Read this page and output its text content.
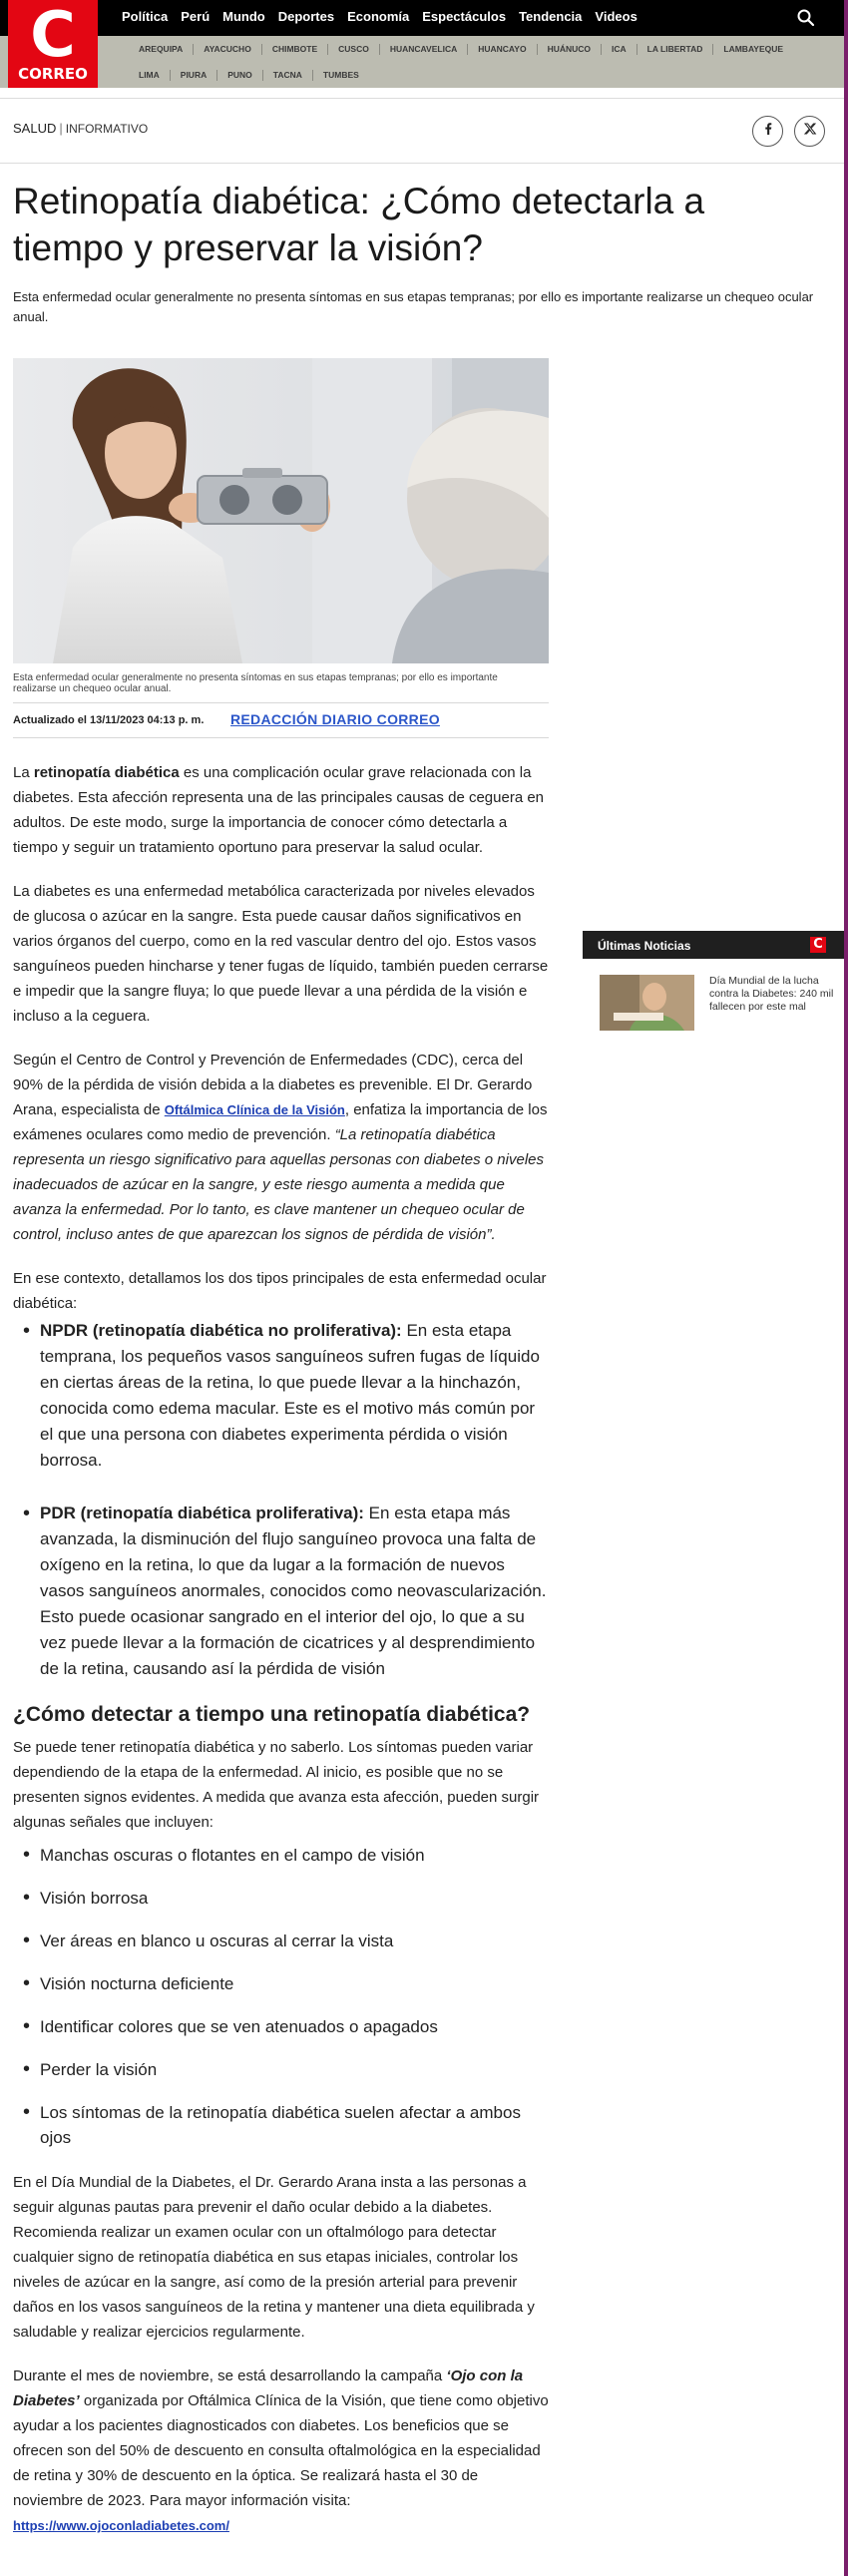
Política Perú Mundo Deportes Economía Espectáculos Tendencia Videos
C
CORREO
AREQUIPA	AYACUCHO	CHIMBOTE	CUSCO	HUANCAVELICA	HUANCAYO	HUÁNUCO	ICA	LA LIBERTAD	LAMBAYEQUE
LIMA	PIURA	PUNO	TACNA	TUMBES
SALUD | INFORMATIVO
Retinopatía diabética: ¿Cómo detectarla a tiempo y preservar la visión?

Esta enfermedad ocular generalmente no presenta síntomas en sus etapas tempranas; por ello es importante realizarse un chequeo ocular anual.

Esta enfermedad ocular generalmente no presenta síntomas en sus etapas tempranas; por ello es importante realizarse un chequeo ocular anual.

Actualizado el 13/11/2023 04:13 p. m. REDACCIÓN DIARIO CORREO

La retinopatía diabética es una complicación ocular grave relacionada con la diabetes. Esta afección representa una de las principales causas de ceguera en adultos. De este modo, surge la importancia de conocer cómo detectarla a tiempo y seguir un tratamiento oportuno para preservar la salud ocular.

La diabetes es una enfermedad metabólica caracterizada por niveles elevados de glucosa o azúcar en la sangre. Esta puede causar daños significativos en varios órganos del cuerpo, como en la red vascular dentro del ojo. Estos vasos sanguíneos pueden hincharse y tener fugas de líquido, también pueden cerrarse e impedir que la sangre fluya; lo que puede llevar a una pérdida de la visión e incluso a la ceguera.

Según el Centro de Control y Prevención de Enfermedades (CDC), cerca del 90% de la pérdida de visión debida a la diabetes es prevenible. El Dr. Gerardo Arana, especialista de Oftálmica Clínica de la Visión, enfatiza la importancia de los exámenes oculares como medio de prevención. “La retinopatía diabética representa un riesgo significativo para aquellas personas con diabetes o niveles inadecuados de azúcar en la sangre, y este riesgo aumenta a medida que avanza la enfermedad. Por lo tanto, es clave mantener un chequeo ocular de control, incluso antes de que aparezcan los signos de pérdida de visión”.

En ese contexto, detallamos los dos tipos principales de esta enfermedad ocular diabética:

• NPDR (retinopatía diabética no proliferativa): En esta etapa temprana, los pequeños vasos sanguíneos sufren fugas de líquido en ciertas áreas de la retina, lo que puede llevar a la hinchazón, conocida como edema macular. Este es el motivo más común por el que una persona con diabetes experimenta pérdida o visión borrosa.
• PDR (retinopatía diabética proliferativa): En esta etapa más avanzada, la disminución del flujo sanguíneo provoca una falta de oxígeno en la retina, lo que da lugar a la formación de nuevos vasos sanguíneos anormales, conocidos como neovascularización. Esto puede ocasionar sangrado en el interior del ojo, lo que a su vez puede llevar a la formación de cicatrices y al desprendimiento de la retina, causando así la pérdida de visión
¿Cómo detectar a tiempo una retinopatía diabética?

Se puede tener retinopatía diabética y no saberlo. Los síntomas pueden variar dependiendo de la etapa de la enfermedad. Al inicio, es posible que no se presenten signos evidentes. A medida que avanza esta afección, pueden surgir algunas señales que incluyen:

• Manchas oscuras o flotantes en el campo de visión
• Visión borrosa
• Ver áreas en blanco u oscuras al cerrar la vista
• Visión nocturna deficiente
• Identificar colores que se ven atenuados o apagados
• Perder la visión
• Los síntomas de la retinopatía diabética suelen afectar a ambos ojos

En el Día Mundial de la Diabetes, el Dr. Gerardo Arana insta a las personas a seguir algunas pautas para prevenir el daño ocular debido a la diabetes. Recomienda realizar un examen ocular con un oftalmólogo para detectar cualquier signo de retinopatía diabética en sus etapas iniciales, controlar los niveles de azúcar en la sangre, así como de la presión arterial para prevenir daños en los vasos sanguíneos de la retina y mantener una dieta equilibrada y saludable y realizar ejercicios regularmente.

Durante el mes de noviembre, se está desarrollando la campaña ‘Ojo con la Diabetes’ organizada por Oftálmica Clínica de la Visión, que tiene como objetivo ayudar a los pacientes diagnosticados con diabetes. Los beneficios que se ofrecen son del 50% de descuento en consulta oftalmológica en la especialidad de retina y 30% de descuento en la óptica. Se realizará hasta el 30 de noviembre de 2023. Para mayor información visita:
https://www.ojoconladiabetes.com/

Últimas Noticias	C

Día Mundial de la lucha contra la Diabetes: 240 mil fallecen por este mal
